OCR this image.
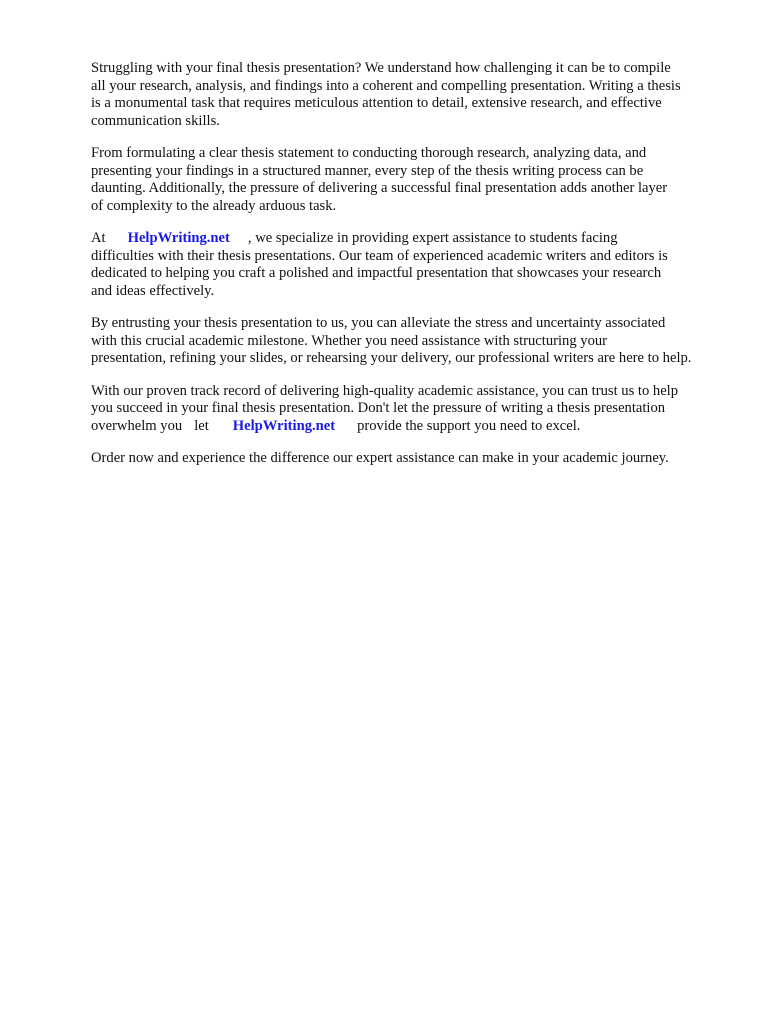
Struggling with your final thesis presentation? We understand how challenging it can be to compile
all your research, analysis, and findings into a coherent and compelling presentation. Writing a thesis
is a monumental task that requires meticulous attention to detail, extensive research, and effective
communication skills.

From formulating a clear thesis statement to conducting thorough research, analyzing data, and
presenting your findings in a structured manner, every step of the thesis writing process can be
daunting. Additionally, the pressure of delivering a successful final presentation adds another layer
of complexity to the already arduous task.

At HelpWriting.net , we specialize in providing expert assistance to students facing
difficulties with their thesis presentations. Our team of experienced academic writers and editors is
dedicated to helping you craft a polished and impactful presentation that showcases your research
and ideas effectively.

By entrusting your thesis presentation to us, you can alleviate the stress and uncertainty associated
with this crucial academic milestone. Whether you need assistance with structuring your
presentation, refining your slides, or rehearsing your delivery, our professional writers are here to help.

With our proven track record of delivering high-quality academic assistance, you can trust us to help
you succeed in your final thesis presentation. Don't let the pressure of writing a thesis presentation
overwhelm you let HelpWriting.net provide the support you need to excel.

Order now and experience the difference our expert assistance can make in your academic journey.
